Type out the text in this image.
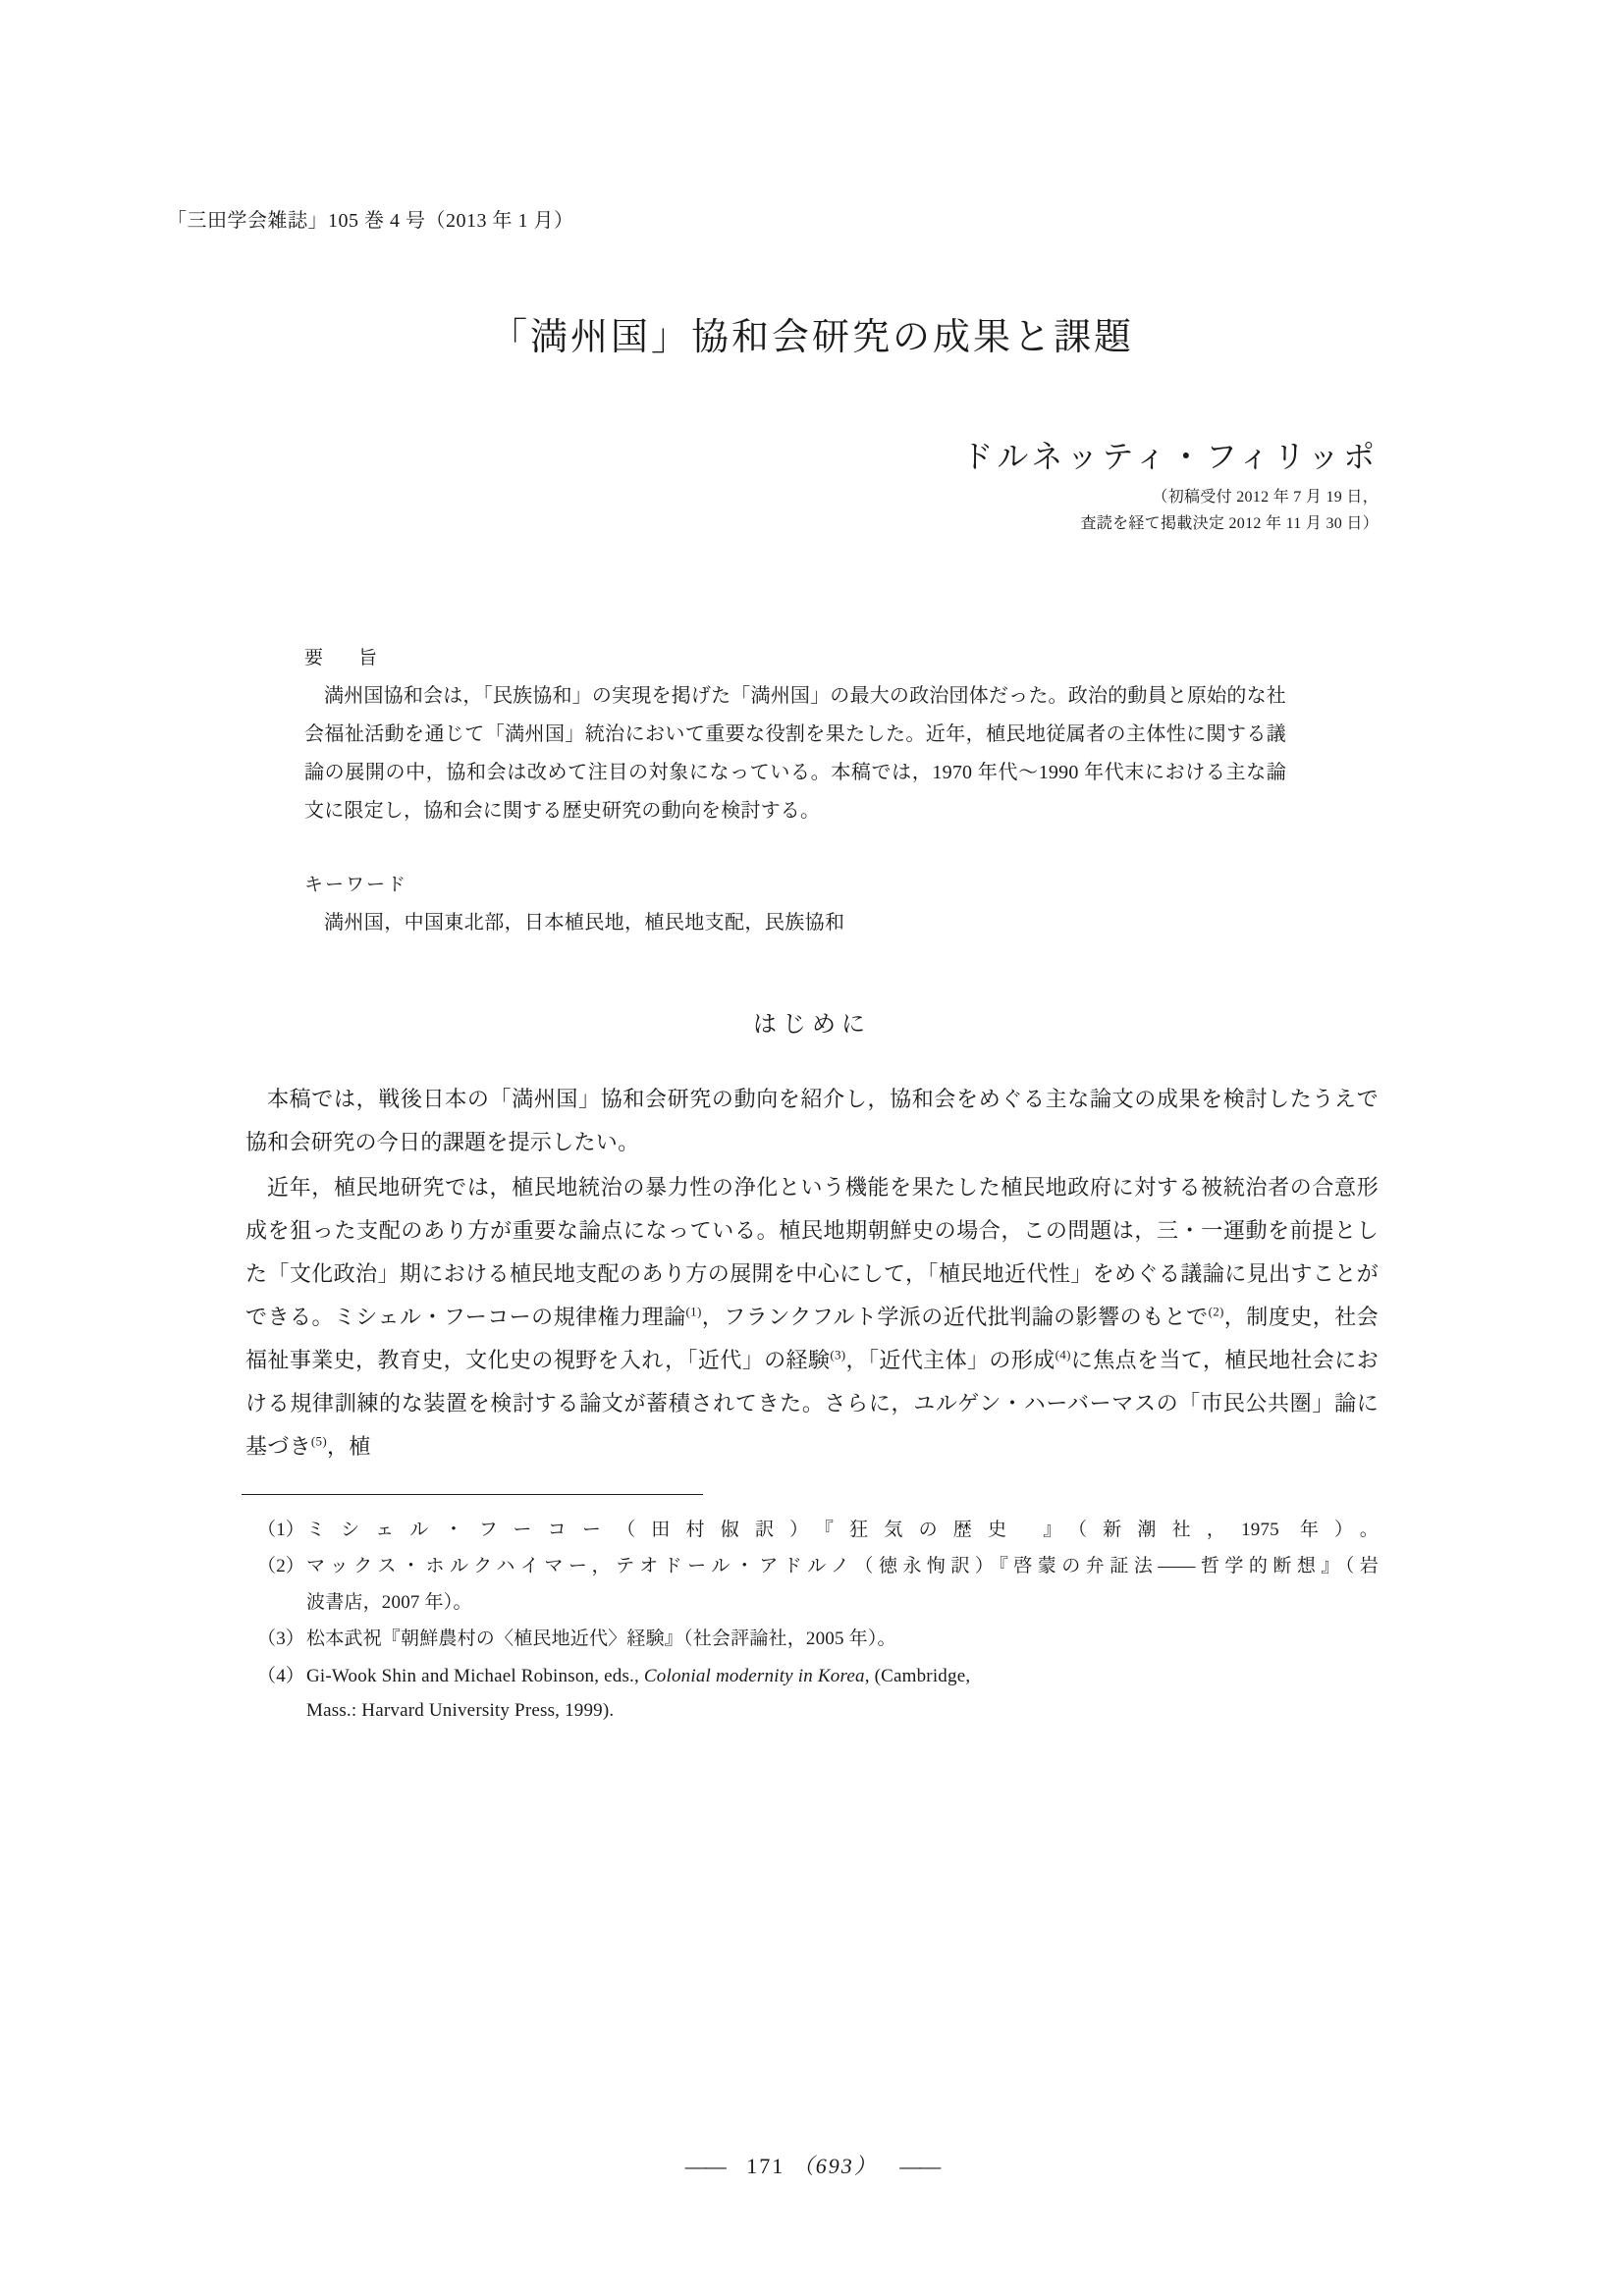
「三田学会雑誌」105 巻 4 号（2013 年 1 月）
「満州国」協和会研究の成果と課題
ドルネッティ・フィリッポ
（初稿受付 2012 年 7 月 19 日，
査読を経て掲載決定 2012 年 11 月 30 日）
要 旨
満州国協和会は，「民族協和」の実現を掲げた「満州国」の最大の政治団体だった。政治的動員と原始的な社会福祉活動を通じて「満州国」統治において重要な役割を果たした。近年，植民地従属者の主体性に関する議論の展開の中，協和会は改めて注目の対象になっている。本稿では，1970 年代〜1990 年代末における主な論文に限定し，協和会に関する歴史研究の動向を検討する。
キーワード
満州国，中国東北部，日本植民地，植民地支配，民族協和
はじめに

本稿では，戦後日本の「満州国」協和会研究の動向を紹介し，協和会をめぐる主な論文の成果を検討したうえで協和会研究の今日的課題を提示したい。

近年，植民地研究では，植民地統治の暴力性の浄化という機能を果たした植民地政府に対する被統治者の合意形成を狙った支配のあり方が重要な論点になっている。植民地期朝鮮史の場合，この問題は，三・一運動を前提とした「文化政治」期における植民地支配のあり方の展開を中心にして，「植民地近代性」をめぐる議論に見出すことができる。ミシェル・フーコーの規律権力理論$^{(1)}$，フランクフルト学派の近代批判論の影響のもとで$^{(2)}$，制度史，社会福祉事業史，教育史，文化史の視野を入れ，「近代」の経験$^{(3)}$，「近代主体」の形成$^{(4)}$に焦点を当て，植民地社会における規律訓練的な装置を検討する論文が蓄積されてきた。さらに，ユルゲン・ハーバーマスの「市民公共圏」論に基づき$^{(5)}$，植

（1） ミシェル・フーコー（田村俶訳）『狂気の歴史 』（新潮社，1975 年）。
（2） マックス・ホルクハイマー，テオドール・アドルノ（徳永恂訳）『啓蒙の弁証法——哲学的断想』（岩
波書店，2007 年）。
（3） 松本武祝『朝鮮農村の〈植民地近代〉経験』（社会評論社，2005 年）。
（4） Gi-Wook Shin and Michael Robinson, eds., Colonial modernity in Korea, (Cambridge,
Mass.: Harvard University Press, 1999).
—— 171 （693） ——
